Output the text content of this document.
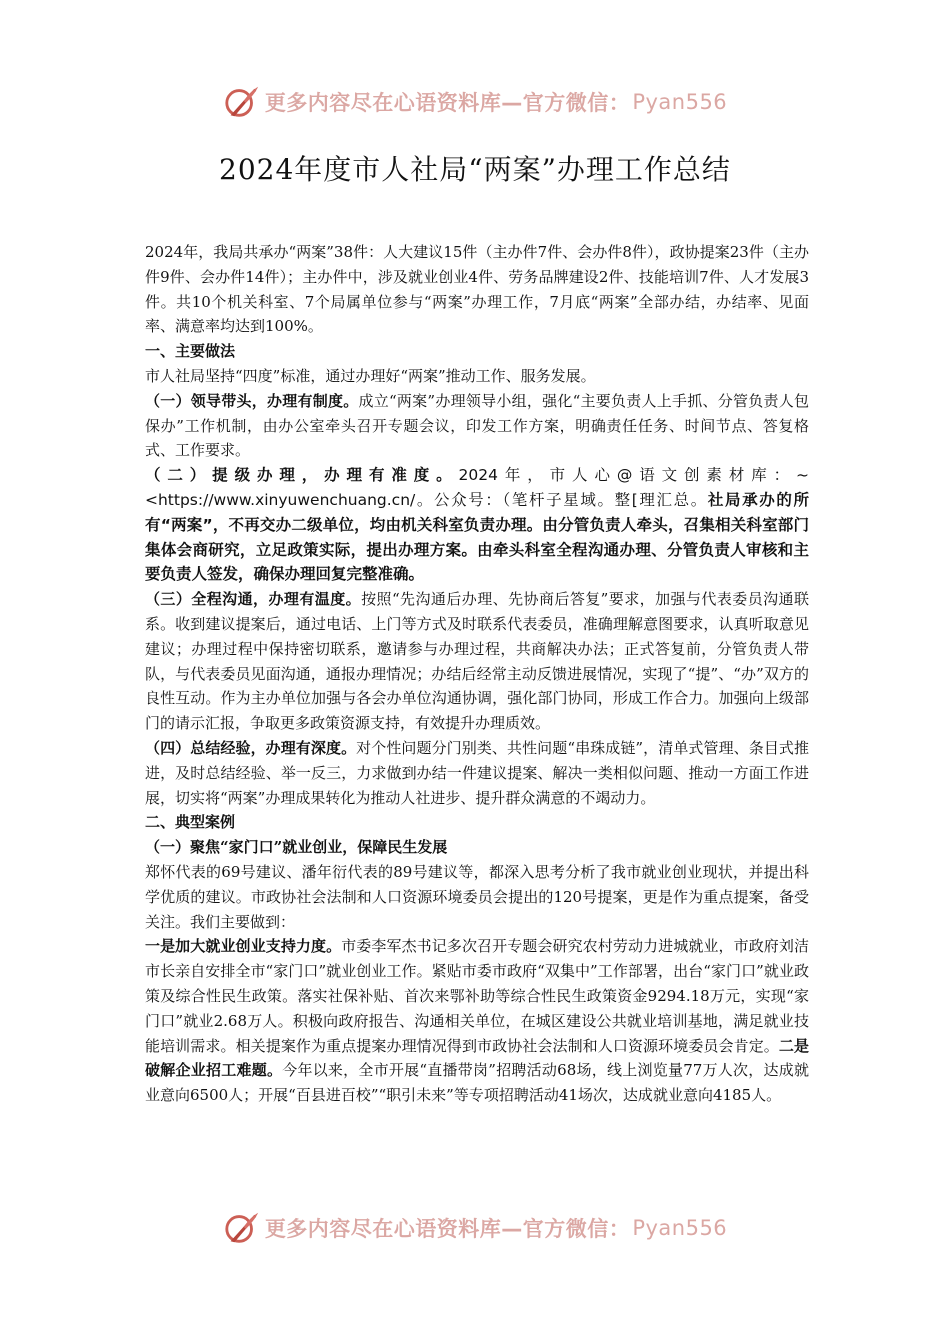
更多内容尽在心语资料库—官方微信： Pyan556
2024年度市人社局“两案”办理工作总结

2024年，我局共承办“两案”38件：人大建议15件（主办件7件、会办件8件），政协提案23件（主办件9件、会办件14件）；主办件中，涉及就业创业4件、劳务品牌建设2件、技能培训7件、人才发展3件。共10个机关科室、7个局属单位参与“两案”办理工作，7月底“两案”全部办结，办结率、见面率、满意率均达到100%。

一、主要做法

市人社局坚持“四度”标准，通过办理好“两案”推动工作、服务发展。

（一）领导带头，办理有制度。成立“两案”办理领导小组，强化“主要负责人上手抓、分管负责人包保办”工作机制，由办公室牵头召开专题会议，印发工作方案，明确责任任务、时间节点、答复格式、工作要求。

（二）提级办理，办理有准度。2024年，市人心@语文创素材库：~<https://www.xinyuwenchuang.cn/。公众号：（笔杆子星域。整[理汇总。社局承办的所有“两案”，不再交办二级单位，均由机关科室负责办理。由分管负责人牵头，召集相关科室部门集体会商研究，立足政策实际，提出办理方案。由牵头科室全程沟通办理、分管负责人审核和主要负责人签发，确保办理回复完整准确。

（三）全程沟通，办理有温度。按照“先沟通后办理、先协商后答复”要求，加强与代表委员沟通联系。收到建议提案后，通过电话、上门等方式及时联系代表委员，准确理解意图要求，认真听取意见建议；办理过程中保持密切联系，邀请参与办理过程，共商解决办法；正式答复前，分管负责人带队，与代表委员见面沟通，通报办理情况；办结后经常主动反馈进展情况，实现了“提”、“办”双方的良性互动。作为主办单位加强与各会办单位沟通协调，强化部门协同，形成工作合力。加强向上级部门的请示汇报，争取更多政策资源支持，有效提升办理质效。

（四）总结经验，办理有深度。对个性问题分门别类、共性问题“串珠成链”，清单式管理、条目式推进，及时总结经验、举一反三，力求做到办结一件建议提案、解决一类相似问题、推动一方面工作进展，切实将“两案”办理成果转化为推动人社进步、提升群众满意的不竭动力。

二、典型案例

（一）聚焦“家门口”就业创业，保障民生发展

郑怀代表的69号建议、潘年衍代表的89号建议等，都深入思考分析了我市就业创业现状，并提出科学优质的建议。市政协社会法制和人口资源环境委员会提出的120号提案，更是作为重点提案，备受关注。我们主要做到：

一是加大就业创业支持力度。市委李军杰书记多次召开专题会研究农村劳动力进城就业，市政府刘洁市长亲自安排全市“家门口”就业创业工作。紧贴市委市政府“双集中”工作部署，出台“家门口”就业政策及综合性民生政策。落实社保补贴、首次来鄂补助等综合性民生政策资金9294.18万元，实现“家门口”就业2.68万人。积极向政府报告、沟通相关单位，在城区建设公共就业培训基地，满足就业技能培训需求。相关提案作为重点提案办理情况得到市政协社会法制和人口资源环境委员会肯定。二是破解企业招工难题。今年以来，全市开展“直播带岗”招聘活动68场，线上浏览量77万人次，达成就业意向6500人；开展“百县进百校”“职引未来”等专项招聘活动41场次，达成就业意向4185人。

更多内容尽在心语资料库—官方微信： Pyan556
